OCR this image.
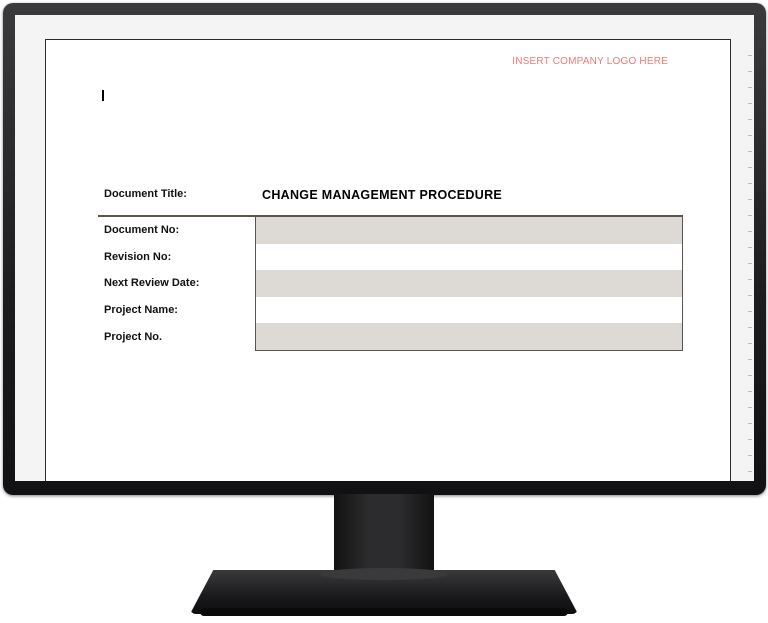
INSERT COMPANY LOGO HERE
Document Title:	CHANGE MANAGEMENT PROCEDURE
Document No:	
Revision No:	
Next Review Date:	
Project Name:	
Project No.	
